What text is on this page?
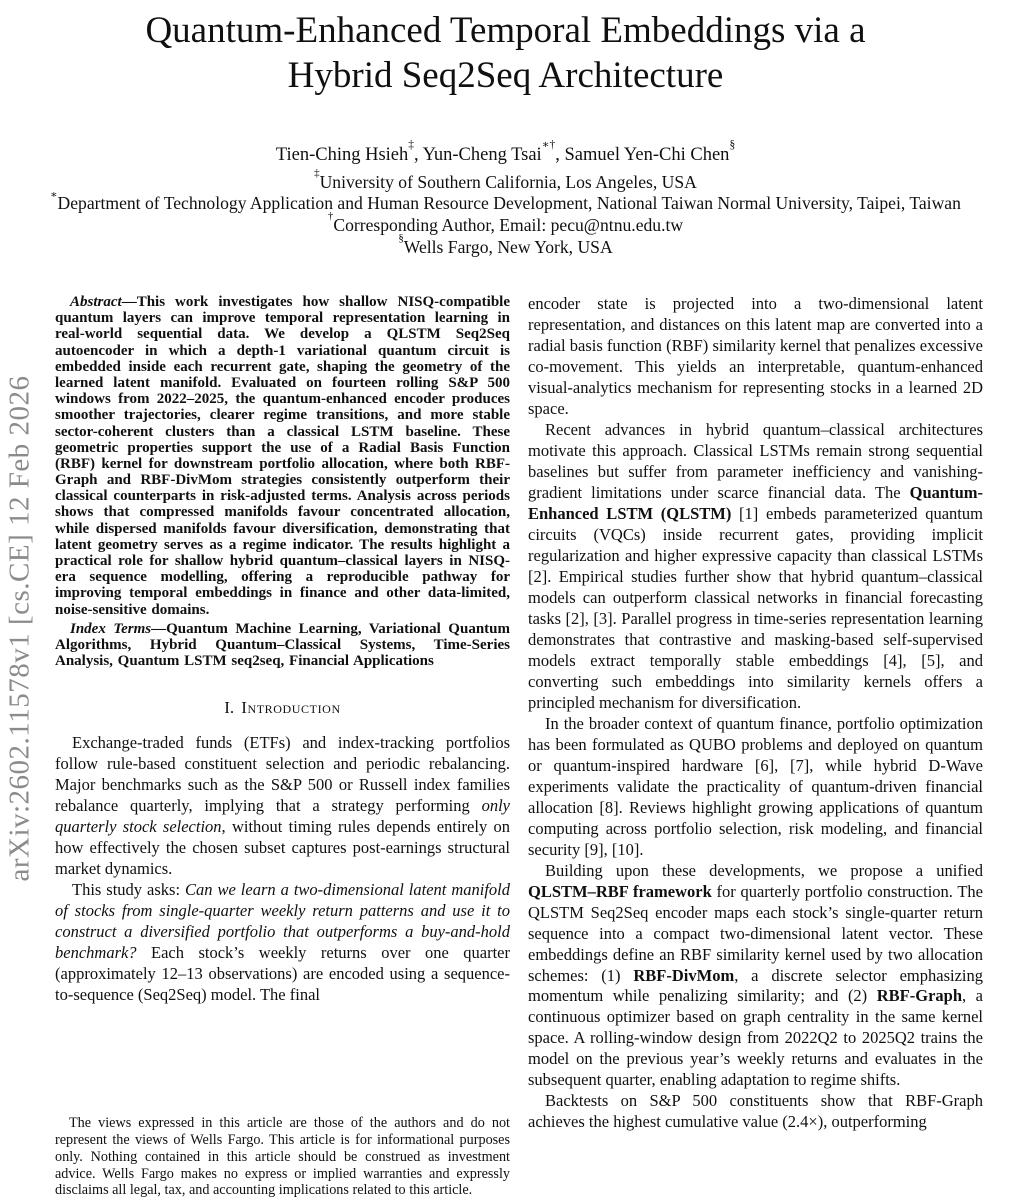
arXiv:2602.11578v1 [cs.CE] 12 Feb 2026
Quantum-Enhanced Temporal Embeddings via a Hybrid Seq2Seq Architecture
Tien-Ching Hsieh‡, Yun-Cheng Tsai∗†, Samuel Yen-Chi Chen§
‡University of Southern California, Los Angeles, USA
∗Department of Technology Application and Human Resource Development, National Taiwan Normal University, Taipei, Taiwan
†Corresponding Author, Email: pecu@ntnu.edu.tw
§Wells Fargo, New York, USA

Abstract—This work investigates how shallow NISQ-compatible quantum layers can improve temporal representation learning in real-world sequential data. We develop a QLSTM Seq2Seq autoencoder in which a depth-1 variational quantum circuit is embedded inside each recurrent gate, shaping the geometry of the learned latent manifold. Evaluated on fourteen rolling S&P 500 windows from 2022–2025, the quantum-enhanced encoder produces smoother trajectories, clearer regime transitions, and more stable sector-coherent clusters than a classical LSTM baseline. These geometric properties support the use of a Radial Basis Function (RBF) kernel for downstream portfolio allocation, where both RBF-Graph and RBF-DivMom strategies consistently outperform their classical counterparts in risk-adjusted terms. Analysis across periods shows that compressed manifolds favour concentrated allocation, while dispersed manifolds favour diversification, demonstrating that latent geometry serves as a regime indicator. The results highlight a practical role for shallow hybrid quantum–classical layers in NISQ-era sequence modelling, offering a reproducible pathway for improving temporal embeddings in finance and other data-limited, noise-sensitive domains.

Index Terms—Quantum Machine Learning, Variational Quantum Algorithms, Hybrid Quantum–Classical Systems, Time-Series Analysis, Quantum LSTM seq2seq, Financial Applications

I. Introduction

Exchange-traded funds (ETFs) and index-tracking portfolios follow rule-based constituent selection and periodic rebalancing. Major benchmarks such as the S&P 500 or Russell index families rebalance quarterly, implying that a strategy performing only quarterly stock selection, without timing rules depends entirely on how effectively the chosen subset captures post-earnings structural market dynamics.

This study asks: Can we learn a two-dimensional latent manifold of stocks from single-quarter weekly return patterns and use it to construct a diversified portfolio that outperforms a buy-and-hold benchmark? Each stock’s weekly returns over one quarter (approximately 12–13 observations) are encoded using a sequence-to-sequence (Seq2Seq) model. The final

The views expressed in this article are those of the authors and do not represent the views of Wells Fargo. This article is for informational purposes only. Nothing contained in this article should be construed as investment advice. Wells Fargo makes no express or implied warranties and expressly disclaims all legal, tax, and accounting implications related to this article.

encoder state is projected into a two-dimensional latent representation, and distances on this latent map are converted into a radial basis function (RBF) similarity kernel that penalizes excessive co-movement. This yields an interpretable, quantum-enhanced visual-analytics mechanism for representing stocks in a learned 2D space.

Recent advances in hybrid quantum–classical architectures motivate this approach. Classical LSTMs remain strong sequential baselines but suffer from parameter inefficiency and vanishing-gradient limitations under scarce financial data. The Quantum-Enhanced LSTM (QLSTM) [1] embeds parameterized quantum circuits (VQCs) inside recurrent gates, providing implicit regularization and higher expressive capacity than classical LSTMs [2]. Empirical studies further show that hybrid quantum–classical models can outperform classical networks in financial forecasting tasks [2], [3]. Parallel progress in time-series representation learning demonstrates that contrastive and masking-based self-supervised models extract temporally stable embeddings [4], [5], and converting such embeddings into similarity kernels offers a principled mechanism for diversification.

In the broader context of quantum finance, portfolio optimization has been formulated as QUBO problems and deployed on quantum or quantum-inspired hardware [6], [7], while hybrid D-Wave experiments validate the practicality of quantum-driven financial allocation [8]. Reviews highlight growing applications of quantum computing across portfolio selection, risk modeling, and financial security [9], [10].

Building upon these developments, we propose a unified QLSTM–RBF framework for quarterly portfolio construction. The QLSTM Seq2Seq encoder maps each stock’s single-quarter return sequence into a compact two-dimensional latent vector. These embeddings define an RBF similarity kernel used by two allocation schemes: (1) RBF-DivMom, a discrete selector emphasizing momentum while penalizing similarity; and (2) RBF-Graph, a continuous optimizer based on graph centrality in the same kernel space. A rolling-window design from 2022Q2 to 2025Q2 trains the model on the previous year’s weekly returns and evaluates in the subsequent quarter, enabling adaptation to regime shifts.

Backtests on S&P 500 constituents show that RBF-Graph achieves the highest cumulative value (2.4×), outperforming
